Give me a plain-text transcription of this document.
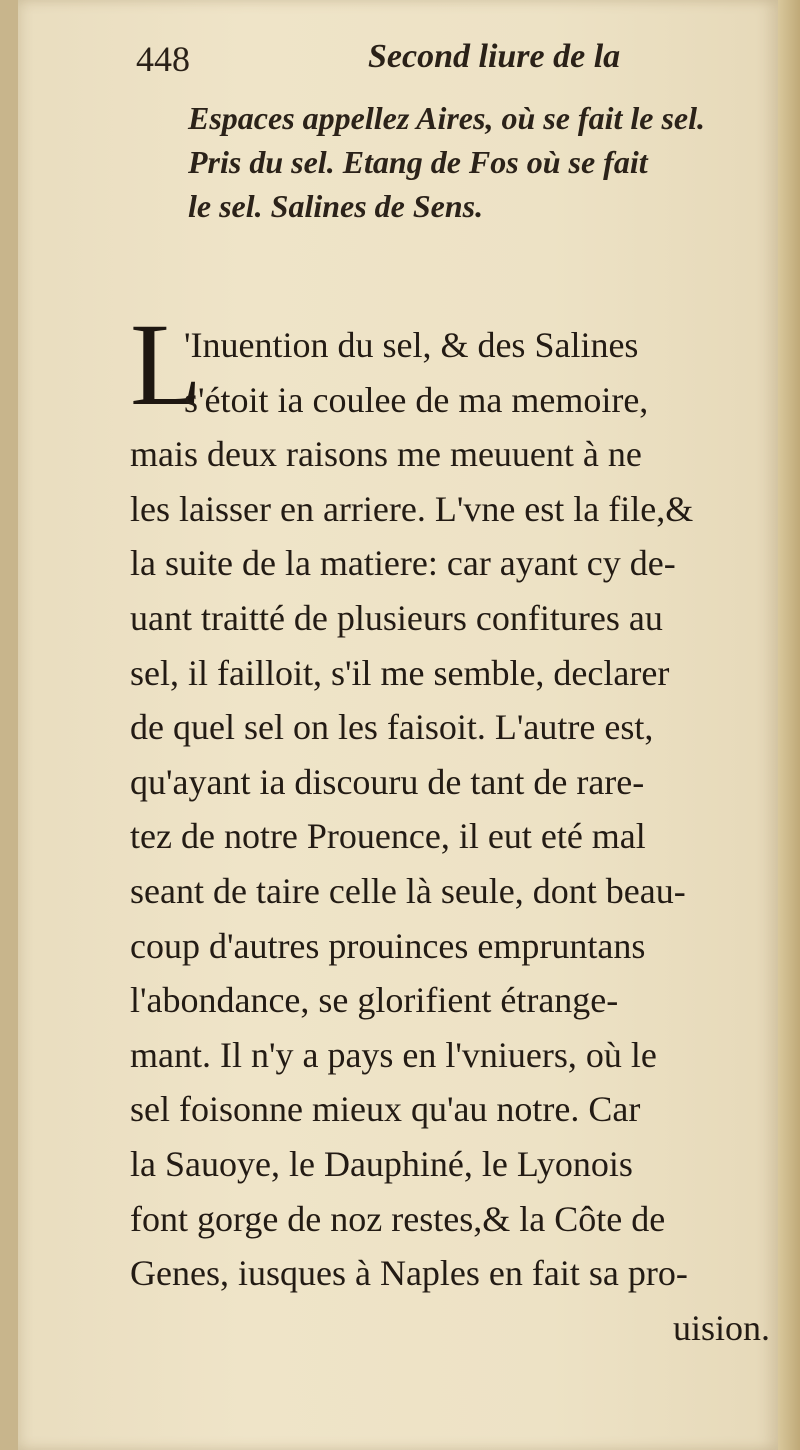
448	Second liure de la
Espaces appellez Aires, où se fait le sel.
Pris du sel. Etang de Fos où se fait
le sel. Salines de Sens.
L
'Inuention du sel, & des Salines
s'étoit ia coulee de ma memoire,
mais deux raisons me meuuent à ne
les laisser en arriere. L'vne est la file,&
la suite de la matiere: car ayant cy de-
uant traitté de plusieurs confitures au
sel, il failloit, s'il me semble, declarer
de quel sel on les faisoit. L'autre est,
qu'ayant ia discouru de tant de rare-
tez de notre Prouence, il eut eté mal
seant de taire celle là seule, dont beau-
coup d'autres prouinces empruntans
l'abondance, se glorifient étrange-
mant. Il n'y a pays en l'vniuers, où le
sel foisonne mieux qu'au notre. Car
la Sauoye, le Dauphiné, le Lyonois
font gorge de noz restes,& la Côte de
Genes, iusques à Naples en fait sa pro-
uision.
